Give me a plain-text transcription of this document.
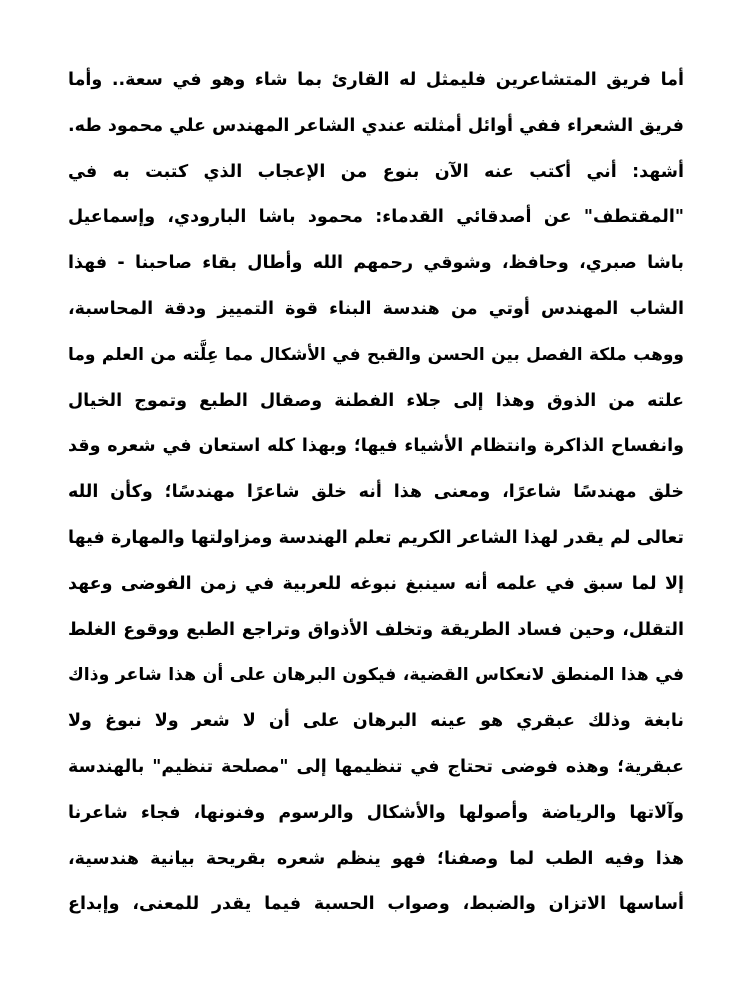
أما فريق المتشاعرين فليمثل له القارئ بما شاء وهو في سعة.. وأما
فريق الشعراء ففي أوائل أمثلته عندي الشاعر المهندس علي محمود طه.
أشهد: أني أكتب عنه الآن بنوع من الإعجاب الذي كتبت به في
"المقتطف" عن أصدقائي القدماء: محمود باشا البارودي، وإسماعيل
باشا صبري، وحافظ، وشوقي رحمهم الله وأطال بقاء صاحبنا - فهذا
الشاب المهندس أوتي من هندسة البناء قوة التمييز ودقة المحاسبة،
ووهب ملكة الفصل بين الحسن والقبح في الأشكال مما عِلَّته من العلم وما
علته من الذوق وهذا إلى جلاء الفطنة وصقال الطبع وتموج الخيال
وانفساح الذاكرة وانتظام الأشياء فيها؛ وبهذا كله استعان في شعره وقد
خلق مهندسًا شاعرًا، ومعنى هذا أنه خلق شاعرًا مهندسًا؛ وكأن الله
تعالى لم يقدر لهذا الشاعر الكريم تعلم الهندسة ومزاولتها والمهارة فيها
إلا لما سبق في علمه أنه سينبغ نبوغه للعربية في زمن الفوضى وعهد
التقلل، وحين فساد الطريقة وتخلف الأذواق وتراجع الطبع ووقوع الغلط
في هذا المنطق لانعكاس القضية، فيكون البرهان على أن هذا شاعر وذاك
نابغة وذلك عبقري هو عينه البرهان على أن لا شعر ولا نبوغ ولا
عبقرية؛ وهذه فوضى تحتاج في تنظيمها إلى "مصلحة تنظيم" بالهندسة
وآلاتها والرياضة وأصولها والأشكال والرسوم وفنونها، فجاء شاعرنا
هذا وفيه الطب لما وصفنا؛ فهو ينظم شعره بقريحة بيانية هندسية،
أساسها الاتزان والضبط، وصواب الحسبة فيما يقدر للمعنى، وإبداع
